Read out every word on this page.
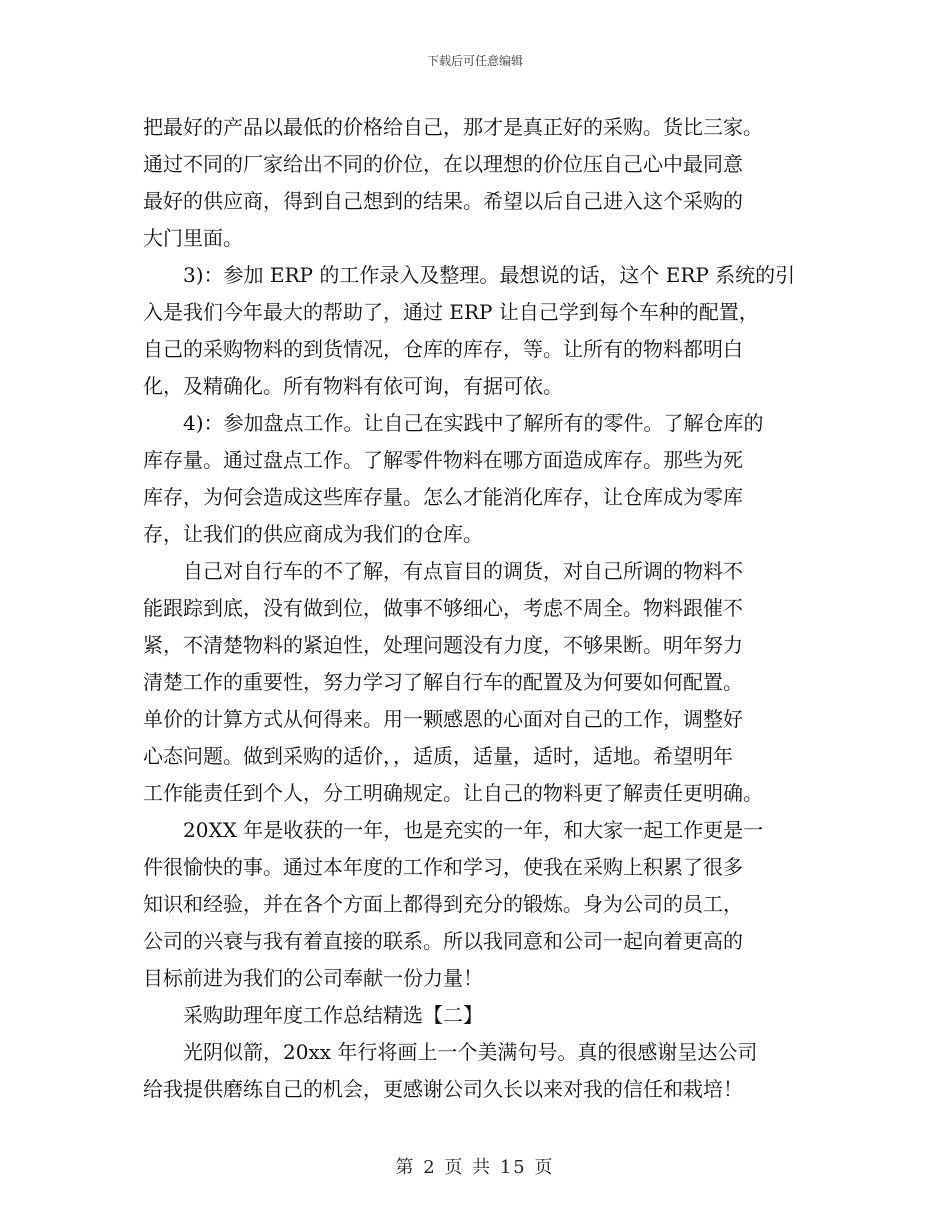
下载后可任意编辑
把最好的产品以最低的价格给自己，那才是真正好的采购。货比三家。
通过不同的厂家给出不同的价位，在以理想的价位压自己心中最同意
最好的供应商，得到自己想到的结果。希望以后自己进入这个采购的
大门里面。
　　3)：参加 ERP 的工作录入及整理。最想说的话，这个 ERP 系统的引
入是我们今年最大的帮助了，通过 ERP 让自己学到每个车种的配置，
自己的采购物料的到货情况，仓库的库存，等。让所有的物料都明白
化，及精确化。所有物料有依可询，有据可依。
　　4)：参加盘点工作。让自己在实践中了解所有的零件。了解仓库的
库存量。通过盘点工作。了解零件物料在哪方面造成库存。那些为死
库存，为何会造成这些库存量。怎么才能消化库存，让仓库成为零库
存，让我们的供应商成为我们的仓库。
　　自己对自行车的不了解，有点盲目的调货，对自己所调的物料不
能跟踪到底，没有做到位，做事不够细心，考虑不周全。物料跟催不
紧，不清楚物料的紧迫性，处理问题没有力度，不够果断。明年努力
清楚工作的重要性，努力学习了解自行车的配置及为何要如何配置。
单价的计算方式从何得来。用一颗感恩的心面对自己的工作，调整好
心态问题。做到采购的适价，，适质，适量，适时，适地。希望明年
工作能责任到个人，分工明确规定。让自己的物料更了解责任更明确。
　　20XX 年是收获的一年，也是充实的一年，和大家一起工作更是一
件很愉快的事。通过本年度的工作和学习，使我在采购上积累了很多
知识和经验，并在各个方面上都得到充分的锻炼。身为公司的员工，
公司的兴衰与我有着直接的联系。所以我同意和公司一起向着更高的
目标前进为我们的公司奉献一份力量！
　　采购助理年度工作总结精选【二】
　　光阴似箭，20xx 年行将画上一个美满句号。真的很感谢呈达公司
给我提供磨练自己的机会，更感谢公司久长以来对我的信任和栽培！
第 2 页 共 15 页
